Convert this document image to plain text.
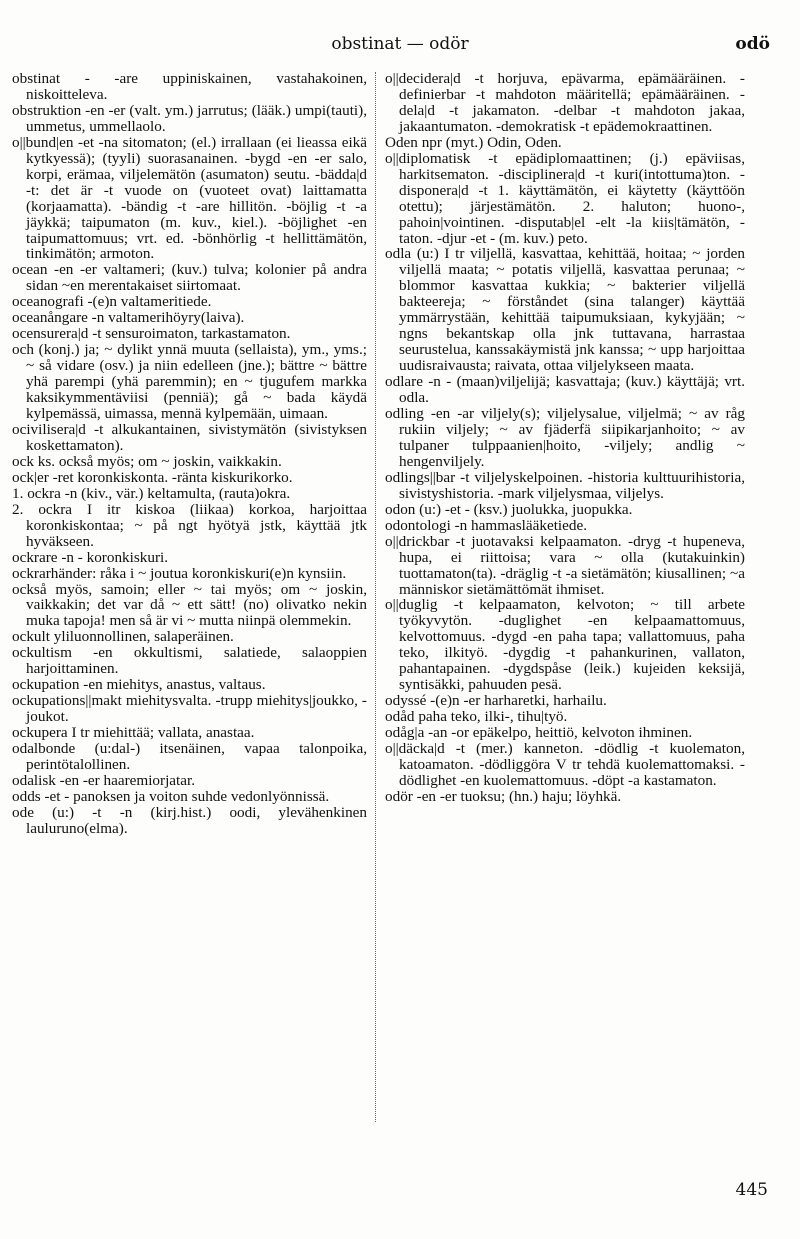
obstinat — odör	odö

obstinat - -are uppiniskainen, vastahakoinen, niskoitteleva.

obstruktion -en -er (valt. ym.) jarrutus; (lääk.) umpi(tauti), ummetus, ummellaolo.

o||bund|en -et -na sitomaton; (el.) irrallaan (ei lieassa eikä kytkyessä); (tyyli) suorasanainen. -bygd -en -er salo, korpi, erämaa, viljelemätön (asumaton) seutu. -bädda|d -t: det är -t vuode on (vuoteet ovat) laittamatta (korjaamatta). -bändig -t -are hillitön. -böjlig -t -a jäykkä; taipumaton (m. kuv., kiel.). -böjlighet -en taipumattomuus; vrt. ed. -bönhörlig -t hellittämätön, tinkimätön; armoton.

ocean -en -er valtameri; (kuv.) tulva; kolonier på andra sidan ~en merentakaiset siirtomaat.

oceanografi -(e)n valtameritiede.

oceanångare -n valtamerihöyry(laiva).

ocensurera|d -t sensuroimaton, tarkastamaton.

och (konj.) ja; ~ dylikt ynnä muuta (sellaista), ym., yms.; ~ så vidare (osv.) ja niin edelleen (jne.); bättre ~ bättre yhä parempi (yhä paremmin); en ~ tjugufem markka kaksikymmentäviisi (penniä); gå ~ bada käydä kylpemässä, uimassa, mennä kylpemään, uimaan.

ocivilisera|d -t alkukantainen, sivistymätön (sivistyksen koskettamaton).

ock ks. också myös; om ~ joskin, vaikkakin.

ock|er -ret koronkiskonta. -ränta kiskurikorko.

1. ockra -n (kiv., vär.) keltamulta, (rauta)okra.

2. ockra I itr kiskoa (liikaa) korkoa, harjoittaa koronkiskontaa; ~ på ngt hyötyä jstk, käyttää jtk hyväkseen.

ockrare -n - koronkiskuri.

ockrarhänder: råka i ~ joutua koronkiskuri(e)n kynsiin.

också myös, samoin; eller ~ tai myös; om ~ joskin, vaikkakin; det var då ~ ett sätt! (no) olivatko nekin muka tapoja! men så är vi ~ mutta niinpä olemmekin.

ockult yliluonnollinen, salaperäinen.

ockultism -en okkultismi, salatiede, salaoppien harjoittaminen.

ockupation -en miehitys, anastus, valtaus.

ockupations||makt miehitysvalta. -trupp miehitys|joukko, -joukot.

ockupera I tr miehittää; vallata, anastaa.

odalbonde (u:dal-) itsenäinen, vapaa talonpoika, perintötalollinen.

odalisk -en -er haaremiorjatar.

odds -et - panoksen ja voiton suhde vedonlyönnissä.

ode (u:) -t -n (kirj.hist.) oodi, ylevähenkinen lauluruno(elma).

o||decidera|d -t horjuva, epävarma, epämääräinen. -definierbar -t mahdoton määritellä; epämääräinen. -dela|d -t jakamaton. -delbar -t mahdoton jakaa, jakaantumaton. -demokratisk -t epädemokraattinen.

Oden npr (myt.) Odin, Oden.

o||diplomatisk -t epädiplomaattinen; (j.) epäviisas, harkitsematon. -disciplinera|d -t kuri(intottuma)ton. -disponera|d -t 1. käyttämätön, ei käytetty (käyttöön otettu); järjestämätön. 2. haluton; huono-, pahoin|vointinen. -disputab|el -elt -la kiis|tämätön, -taton. -djur -et - (m. kuv.) peto.

odla (u:) I tr viljellä, kasvattaa, kehittää, hoitaa; ~ jorden viljellä maata; ~ potatis viljellä, kasvattaa perunaa; ~ blommor kasvattaa kukkia; ~ bakterier viljellä bakteereja; ~ förståndet (sina talanger) käyttää ymmärrystään, kehittää taipumuksiaan, kykyjään; ~ ngns bekantskap olla jnk tuttavana, harrastaa seurustelua, kanssakäymistä jnk kanssa; ~ upp harjoittaa uudisraivausta; raivata, ottaa viljelykseen maata.

odlare -n - (maan)viljelijä; kasvattaja; (kuv.) käyttäjä; vrt. odla.

odling -en -ar viljely(s); viljelysalue, viljelmä; ~ av råg rukiin viljely; ~ av fjäderfä siipikarjanhoito; ~ av tulpaner tulppaanien|hoito, -viljely; andlig ~ hengenviljely.

odlings||bar -t viljelyskelpoinen. -historia kulttuurihistoria, sivistyshistoria. -mark viljelysmaa, viljelys.

odon (u:) -et - (ksv.) juolukka, juopukka.

odontologi -n hammaslääketiede.

o||drickbar -t juotavaksi kelpaamaton. -dryg -t hupeneva, hupa, ei riittoisa; vara ~ olla (kutakuinkin) tuottamaton(ta). -dräglig -t -a sietämätön; kiusallinen; ~a människor sietämättömät ihmiset.

o||duglig -t kelpaamaton, kelvoton; ~ till arbete työkyvytön. -duglighet -en kelpaamattomuus, kelvottomuus. -dygd -en paha tapa; vallattomuus, paha teko, ilkityö. -dygdig -t pahankurinen, vallaton, pahantapainen. -dygdspåse (leik.) kujeiden keksijä, syntisäkki, pahuuden pesä.

odyssé -(e)n -er harharetki, harhailu.

odåd paha teko, ilki-, tihu|työ.

odåg|a -an -or epäkelpo, heittiö, kelvoton ihminen.

o||däcka|d -t (mer.) kanneton. -dödlig -t kuolematon, katoamaton. -dödliggöra V tr tehdä kuolemattomaksi. -dödlighet -en kuolemattomuus. -döpt -a kastamaton.

odör -en -er tuoksu; (hn.) haju; löyhkä.

445
